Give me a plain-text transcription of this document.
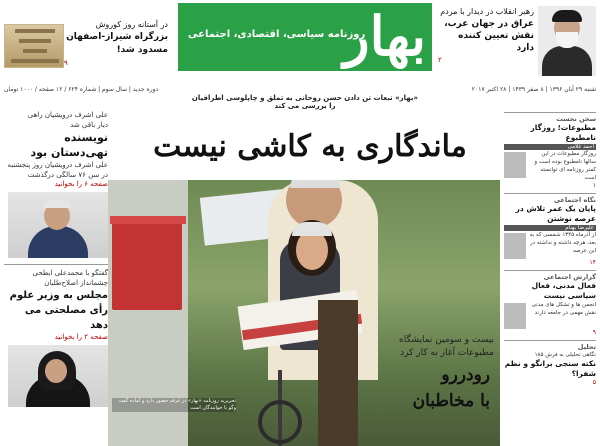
بهار
روزنامه سیاسی، اقتصادی، اجتماعی
در آستانه روز کوروش
بزرگراه شیراز-اصفهان
مسدود شد!
۹
رهبر انقلاب در دیدار با مردم
عراق در جهان عرب،
نقش تعیین کننده دارد
۲
شنبه ۲۹ آبان ۱۳۹۶ | ۸ صفر ۱۴۳۹ | ۲۸ اکتبر ۲۰۱۷
دوره جدید | سال سوم | شماره ۶۲۴ / ۱۲ صفحه / ۱۰۰۰ تومان
«بهار» تبعات تن دادن حسن روحانی به تملق و چاپلوسی اطرافیان را بررسی می کند
علی اشرف درویشیان راهی
دیار باقی شد
نویسنده
تهی‌دستان بود
علی اشرف درویشیان روز پنجشنبه در سن ۷۶ سالگی درگذشت
صفحه ۶ را بخوانید
گفتگو با محمدعلی ابطحی
چشمانداز اصلاح‌طلبان
مجلس به وزیر علوم
رأی مصلحتی می دهد
صفحه ۲ را بخوانید
ماندگاری به کاشی نیست
بیست و سومین نمایشگاه
مطبوعات آغاز به کار کرد
رودررو
با مخاطبان
تحریریه روزنامه «بهار» در غرفه حضور دارد و آماده گفت وگو با خوانندگان است
سخن نخست
مطبوعات؛ روزگار نامطبوع
احمد غلامی
روزگار مطبوعات در این سالها نامطبوع بوده است و کمتر روزنامه ای توانسته است
۱
نگاه اجتماعی
پایان یک عمر تلاش در عرصه نوشتن
علیرضا بهنام
از آذرماه ۱۳۴۵ شمسی که به بعد، هرچه داشته و نداشته در این عرصه
۱۴
گزارش اجتماعی
فعال مدنی، فعال سیاسی نیست
انجمن ها و تشکل های مدنی نقش مهمی در جامعه دارند
۹
تحلیل
نگاهی تحلیلی به فرش ۱۸۵
نکته سنجی برانگو و نظم شفرا؟
۵
